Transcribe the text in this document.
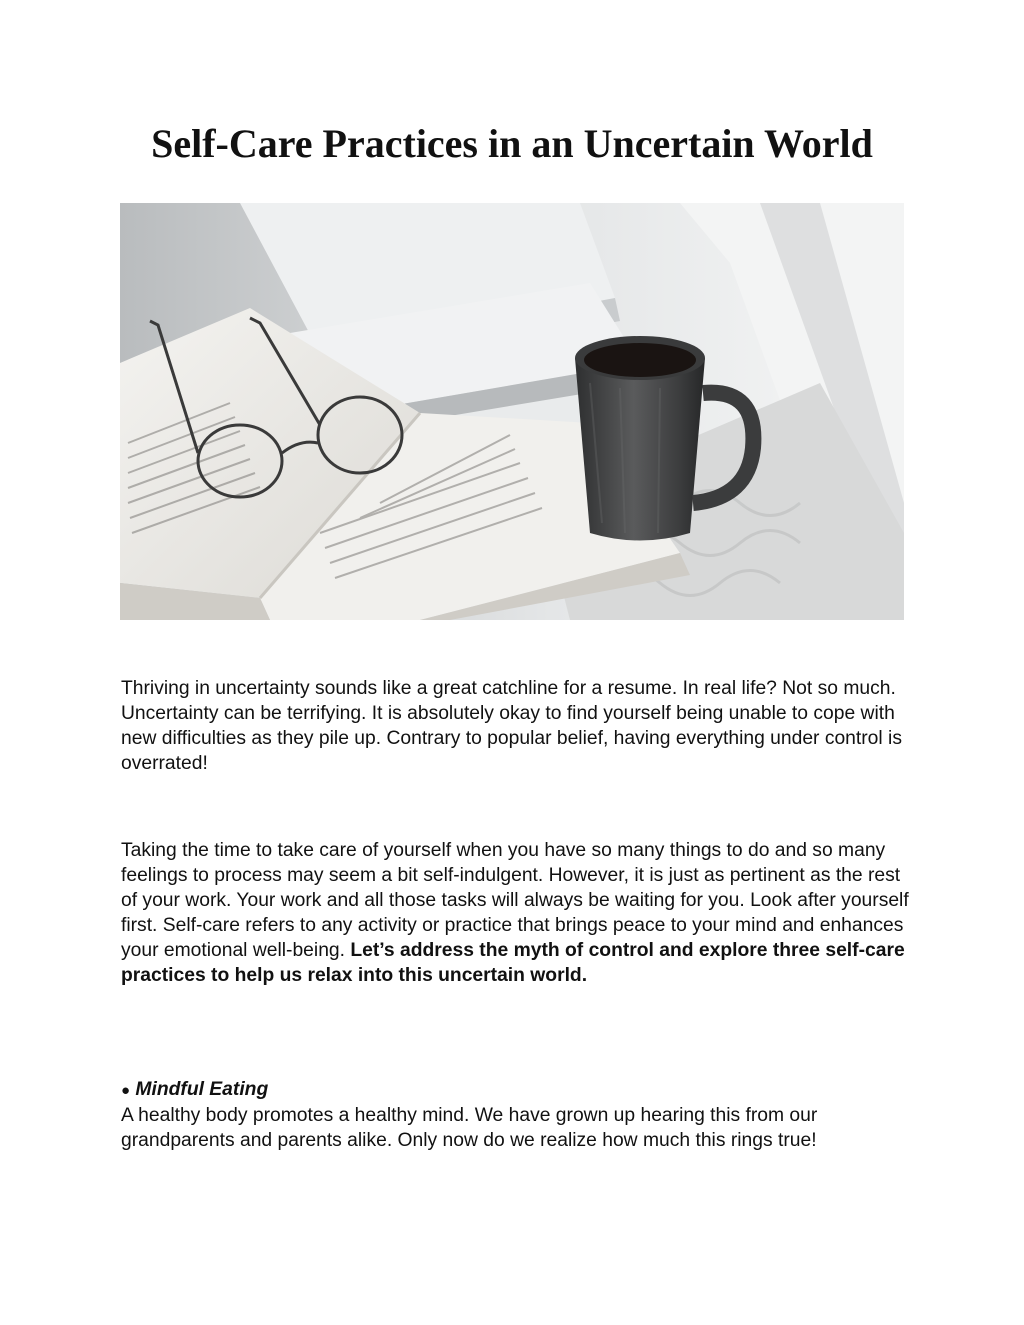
Self-Care Practices in an Uncertain World

Thriving in uncertainty sounds like a great catchline for a resume. In real life? Not so much. Uncertainty can be terrifying. It is absolutely okay to find yourself being unable to cope with new difficulties as they pile up. Contrary to popular belief, having everything under control is overrated!

Taking the time to take care of yourself when you have so many things to do and so many feelings to process may seem a bit self-indulgent. However, it is just as pertinent as the rest of your work. Your work and all those tasks will always be waiting for you. Look after yourself first. Self-care refers to any activity or practice that brings peace to your mind and enhances your emotional well-being. Let’s address the myth of control and explore three self-care practices to help us relax into this uncertain world.

● Mindful Eating
A healthy body promotes a healthy mind. We have grown up hearing this from our grandparents and parents alike. Only now do we realize how much this rings true!
